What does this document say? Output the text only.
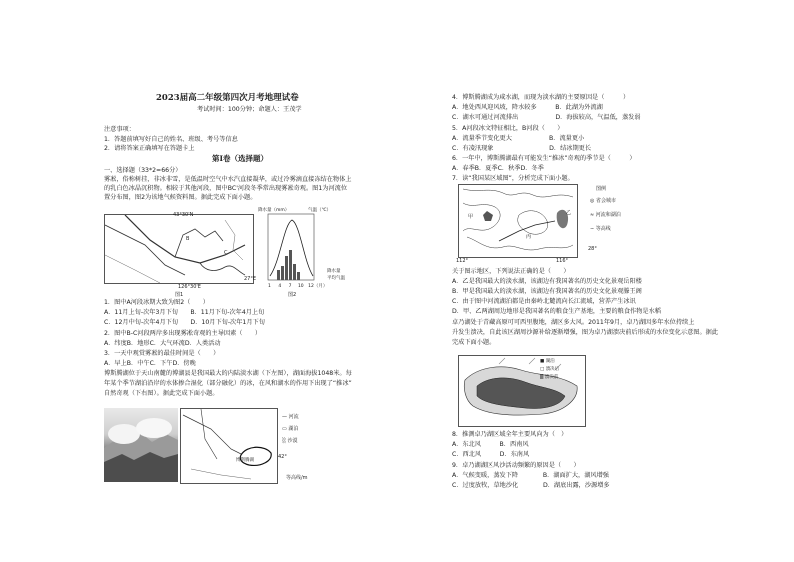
2023届高二年级第四次月考地理试卷
考试时间：100分钟；命题人：王茂学
注意事项：
1．答题前填写好自己的姓名、班级、考号等信息
2．请将答案正确填写在答题卡上
第Ⅰ卷（选择题）
一、选择题（33*2=66分）
雾凇，俗称树挂，非冰非雪，是低温时空气中水汽直接凝华，或过冷雾滴直接冻结在物体上
的乳白色冰晶沉积物。相较于其他河段，图中BC'河段冬季常出现雾凇奇观。图1为河流位
置分布图，图2为该地气候资料图。据此完成下面小题。
43°30'N
B
C
27°E
126°30'E
图1
降水量（mm）	气温（℃）
降水量
平均气温
1 4 7 10 12（月）
图2
1．图中A河段冰期大致为图2（　　）
A．11月上旬-次年3月下旬　　B．11月下旬-次年4月上旬
C．12月中旬-次年4月下旬　　D．10月下旬-次年1月下旬
2．图中B-C河段两岸多出现雾凇奇观的主导因素（　　）
A．纬度B．地形C．大气环流D．人类活动
3．一天中观赏雾凇的最佳时间是（　　）
A．早上B．中午C．下午D．傍晚
博斯腾湖位于天山南麓的博湖县是我国最大的内陆淡水湖（下左图），湖面海拔1048米。每
年某个季节湖泊沿岸的水体掺合湿化（部分融化）的冰，在风和湖水的作用下出现了“推冰”
自然奇观（下右图）。据此完成下面小题。
博斯腾湖
42°
— 河流
▭ 湖泊
░ 沙漠
等高线/m
4．博斯腾湖成为咸水湖，而现为淡水湖的主要原因是（　　　）
A．地处西风迎风坡，降水较多　　　B．此湖为外流湖
C．湖水可通过河流排出　　　　　　D．海拔较高，气温低，蒸发弱
5．A河段冰文特征相比，B河段（　　）
A．流量季节变化更大　　　　　　B．流量更小
C．有凌汛现象　　　　　　　　　D．结冰期更长
6．一年中，博斯腾湖最有可能发生“推冰”奇观的季节是（　　　）
A．春季B．夏季C．秋季D．冬季
7．读“我国某区域图”，分析完成下面小题。
甲
乙
丙
112°	116°
28°
图例
◎ 省会城市
≈ 河流和湖泊
∽ 等高线
关于图示地区，下列说法正确的是（　　）
A．乙是我国最大的淡水湖，该湖边有我国著名的历史文化景观岳阳楼
B．甲是我国最大的淡水湖，该湖边有我国著名的历史文化景观滕王阁
C．由于图中河流湖泊都是由秦岭北麓流向长江流域，营养产生冰讯
D．甲、乙两湖周边地形是我国著名的粮食生产基地，主要的粮食作物是水稻
卓乃湖处于青藏高原可可西里腹地，湖区多大风。2011年9月，卓乃湖因多年水位持续上
升发生溃决，自此该区湖周沙源补给逐渐增强，图为卓乃湖溃决前后形成的水位变化示意图。据此
完成下面小题。
■ 湖泊
□ 溃决后
▒ 溃决前
8．推测卓乃湖区域全年主要风向为（　）
A．东北风　　　B．西南风
C．西北风　　　D．东南风
9．卓乃湖湖区风沙活动频繁的原因是（　　）
A．气候变暖，蒸发下降　　　　B．湖面扩大，湖风增强
C．过度放牧，草地沙化　　　　D．湖底出露，沙源增多
